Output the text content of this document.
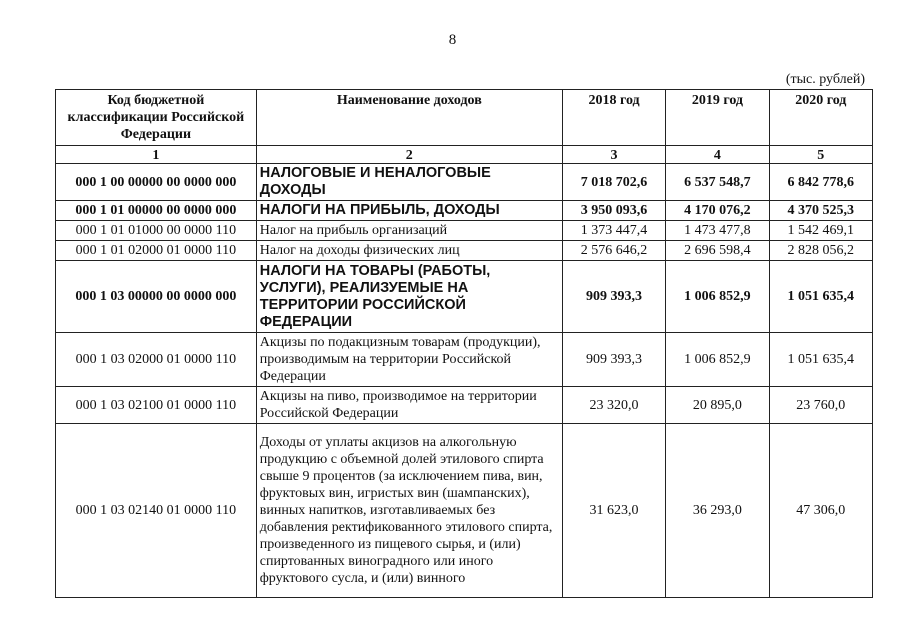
8
(тыс. рублей)
Код бюджетной классификации Российской Федерации	Наименование доходов	2018 год	2019 год	2020 год
1	2	3	4	5
000 1 00 00000 00 0000 000	НАЛОГОВЫЕ И НЕНАЛОГОВЫЕ ДОХОДЫ	7 018 702,6	6 537 548,7	6 842 778,6
000 1 01 00000 00 0000 000	НАЛОГИ НА ПРИБЫЛЬ, ДОХОДЫ	3 950 093,6	4 170 076,2	4 370 525,3
000 1 01 01000 00 0000 110	Налог на прибыль организаций	1 373 447,4	1 473 477,8	1 542 469,1
000 1 01 02000 01 0000 110	Налог на доходы физических лиц	2 576 646,2	2 696 598,4	2 828 056,2
000 1 03 00000 00 0000 000	НАЛОГИ НА ТОВАРЫ (РАБОТЫ, УСЛУГИ), РЕАЛИЗУЕМЫЕ НА ТЕРРИТОРИИ РОССИЙСКОЙ ФЕДЕРАЦИИ	909 393,3	1 006 852,9	1 051 635,4
000 1 03 02000 01 0000 110	Акцизы по подакцизным товарам (продукции), производимым на территории Российской Федерации	909 393,3	1 006 852,9	1 051 635,4
000 1 03 02100 01 0000 110	Акцизы на пиво, производимое на территории Российской Федерации	23 320,0	20 895,0	23 760,0
000 1 03 02140 01 0000 110	Доходы от уплаты акцизов на алкогольную продукцию с объемной долей этилового спирта свыше 9 процентов (за исключением пива, вин, фруктовых вин, игристых вин (шампанских), винных напитков, изготавливаемых без добавления ректификованного этилового спирта, произведенного из пищевого сырья, и (или) спиртованных виноградного или иного фруктового сусла, и (или) винного	31 623,0	36 293,0	47 306,0
